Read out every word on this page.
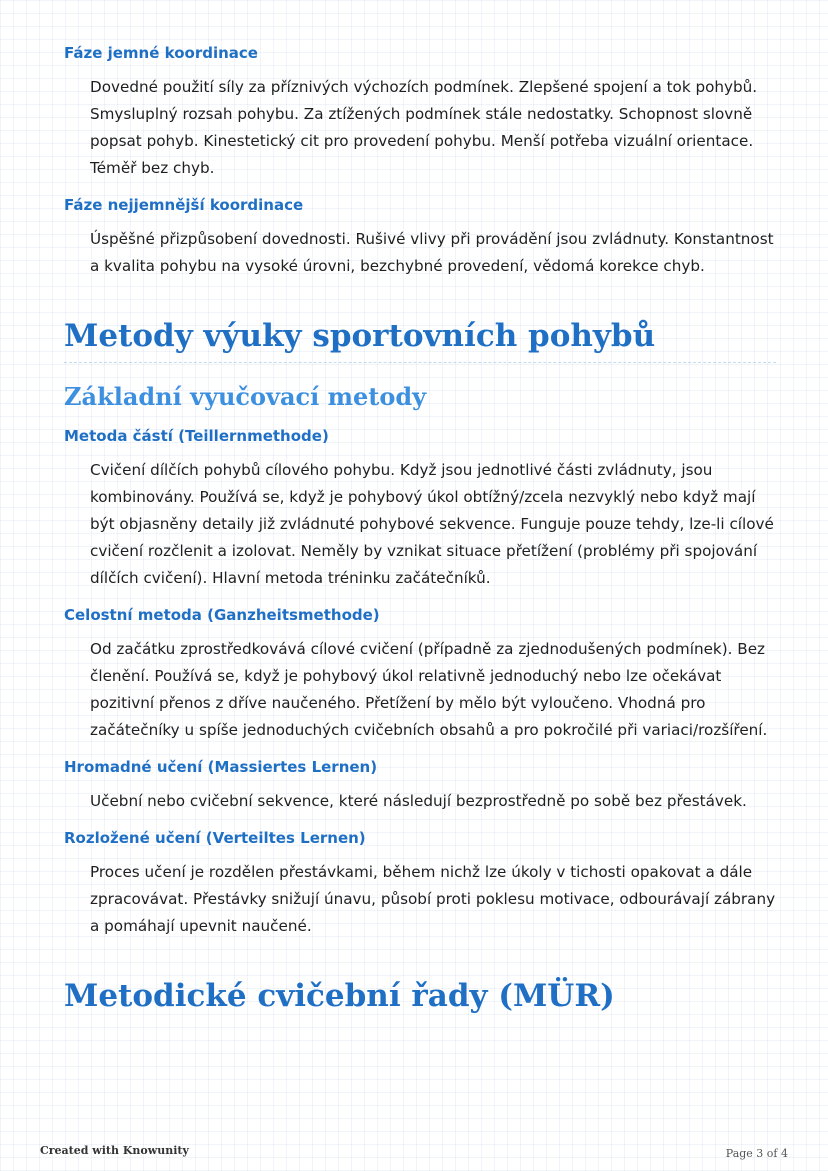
Fáze jemné koordinace
Dovedné použití síly za příznivých výchozích podmínek. Zlepšené spojení a tok pohybů. Smysluplný rozsah pohybu. Za ztížených podmínek stále nedostatky. Schopnost slovně popsat pohyb. Kinestetický cit pro provedení pohybu. Menší potřeba vizuální orientace. Téměř bez chyb.
Fáze nejjemnější koordinace
Úspěšné přizpůsobení dovednosti. Rušivé vlivy při provádění jsou zvládnuty. Konstantnost a kvalita pohybu na vysoké úrovni, bezchybné provedení, vědomá korekce chyb.
Metody výuky sportovních pohybů
Základní vyučovací metody
Metoda částí (Teillernmethode)
Cvičení dílčích pohybů cílového pohybu. Když jsou jednotlivé části zvládnuty, jsou kombinovány. Používá se, když je pohybový úkol obtížný/zcela nezvyklý nebo když mají být objasněny detaily již zvládnuté pohybové sekvence. Funguje pouze tehdy, lze-li cílové cvičení rozčlenit a izolovat. Neměly by vznikat situace přetížení (problémy při spojování dílčích cvičení). Hlavní metoda tréninku začátečníků.
Celostní metoda (Ganzheitsmethode)
Od začátku zprostředkovává cílové cvičení (případně za zjednodušených podmínek). Bez členění. Používá se, když je pohybový úkol relativně jednoduchý nebo lze očekávat pozitivní přenos z dříve naučeného. Přetížení by mělo být vyloučeno. Vhodná pro začátečníky u spíše jednoduchých cvičebních obsahů a pro pokročilé při variaci/rozšíření.
Hromadné učení (Massiertes Lernen)
Učební nebo cvičební sekvence, které následují bezprostředně po sobě bez přestávek.
Rozložené učení (Verteiltes Lernen)
Proces učení je rozdělen přestávkami, během nichž lze úkoly v tichosti opakovat a dále zpracovávat. Přestávky snižují únavu, působí proti poklesu motivace, odbourávají zábrany a pomáhají upevnit naučené.
Metodické cvičební řady (MÜR)
Created with Knowunity	Page 3 of 4
